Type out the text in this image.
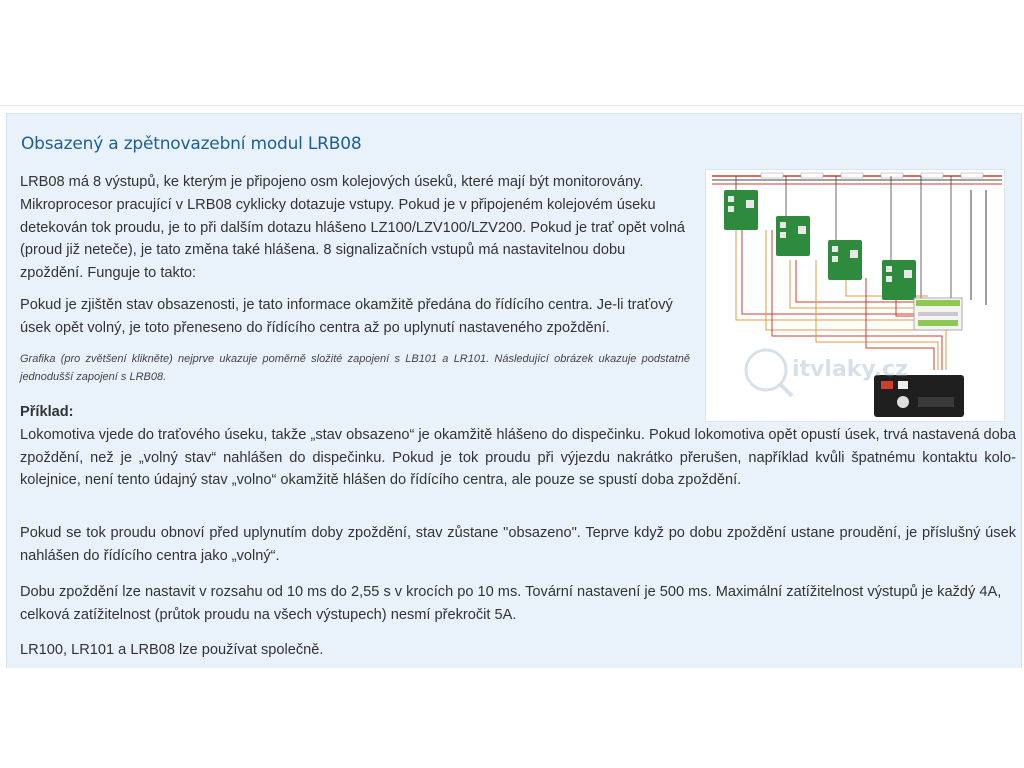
Obsazený a zpětnovazební modul LRB08

LRB08 má 8 výstupů, ke kterým je připojeno osm kolejových úseků, které mají být monitorovány. Mikroprocesor pracující v LRB08 cyklicky dotazuje vstupy. Pokud je v připojeném kolejovém úseku detekován tok proudu, je to při dalším dotazu hlášeno LZ100/LZV100/LZV200. Pokud je trať opět volná (proud již neteče), je tato změna také hlášena. 8 signalizačních vstupů má nastavitelnou dobu zpoždění. Funguje to takto:

Pokud je zjištěn stav obsazenosti, je tato informace okamžitě předána do řídícího centra. Je-li traťový úsek opět volný, je toto přeneseno do řídícího centra až po uplynutí nastaveného zpoždění.

Grafika (pro zvětšení klikněte) nejprve ukazuje poměrně složité zapojení s LB101 a LR101. Následující obrázek ukazuje podstatně jednodušší zapojení s LRB08.	itvlaky.cz

Příklad:
Lokomotiva vjede do traťového úseku, takže „stav obsazeno“ je okamžitě hlášeno do dispečinku. Pokud lokomotiva opět opustí úsek, trvá nastavená doba zpoždění, než je „volný stav“ nahlášen do dispečinku. Pokud je tok proudu při výjezdu nakrátko přerušen, například kvůli špatnému kontaktu kolo-kolejnice, není tento údajný stav „volno“ okamžitě hlášen do řídícího centra, ale pouze se spustí doba zpoždění.

Pokud se tok proudu obnoví před uplynutím doby zpoždění, stav zůstane "obsazeno". Teprve když po dobu zpoždění ustane proudění, je příslušný úsek nahlášen do řídícího centra jako „volný“.

Dobu zpoždění lze nastavit v rozsahu od 10 ms do 2,55 s v krocích po 10 ms. Tovární nastavení je 500 ms. Maximální zatížitelnost výstupů je každý 4A, celková zatížitelnost (průtok proudu na všech výstupech) nesmí překročit 5A.

LR100, LR101 a LRB08 lze používat společně.
